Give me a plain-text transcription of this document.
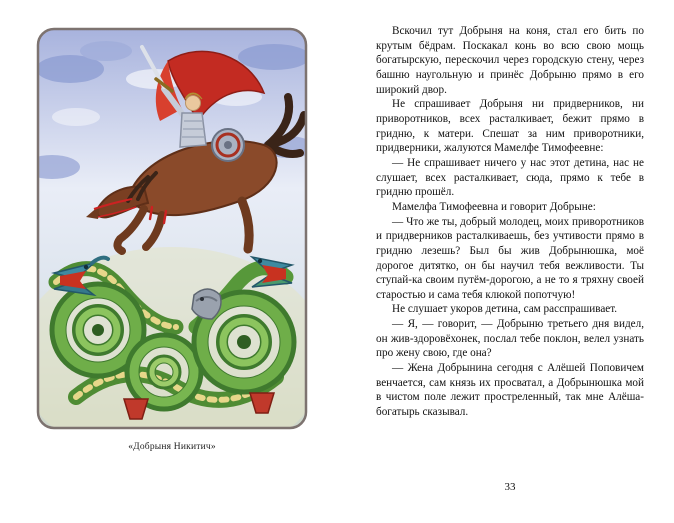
«Добрыня Никитич»

Вскочил тут Добрыня на коня, стал его бить по крутым бёдрам. Поскакал конь во всю свою мощь богатырскую, перескочил через городскую стену, через башню наугольную и принёс Добрыню прямо в его широкий двор.

Не спрашивает Добрыня ни придверников, ни приворотников, всех расталкивает, бежит прямо в гридню, к матери. Спешат за ним приворотники, придверники, жалуются Мамелфе Тимофеевне:

— Не спрашивает ничего у нас этот детина, нас не слушает, всех расталкивает, сюда, прямо к тебе в гридню прошёл.

Мамелфа Тимофеевна и говорит Добрыне:

— Что же ты, добрый молодец, моих приворотников и придверников расталкиваешь, без учтивости прямо в гридню лезешь? Был бы жив Добрынюшка, моё дорогое дитятко, он бы научил тебя вежливости. Ты ступай-ка своим путём-дорогою, а не то я тряхну своей старостью и сама тебя клюкой попотчую!

Не слушает укоров детина, сам расспрашивает.

— Я, — говорит, — Добрыню третьего дня видел, он жив-здоровёхонек, послал тебе поклон, велел узнать про жену свою, где она?

— Жена Добрынина сегодня с Алёшей Поповичем венчается, сам князь их просватал, а Добрынюшка мой в чистом поле лежит простреленный, так мне Алёша-богатырь сказывал.

33
